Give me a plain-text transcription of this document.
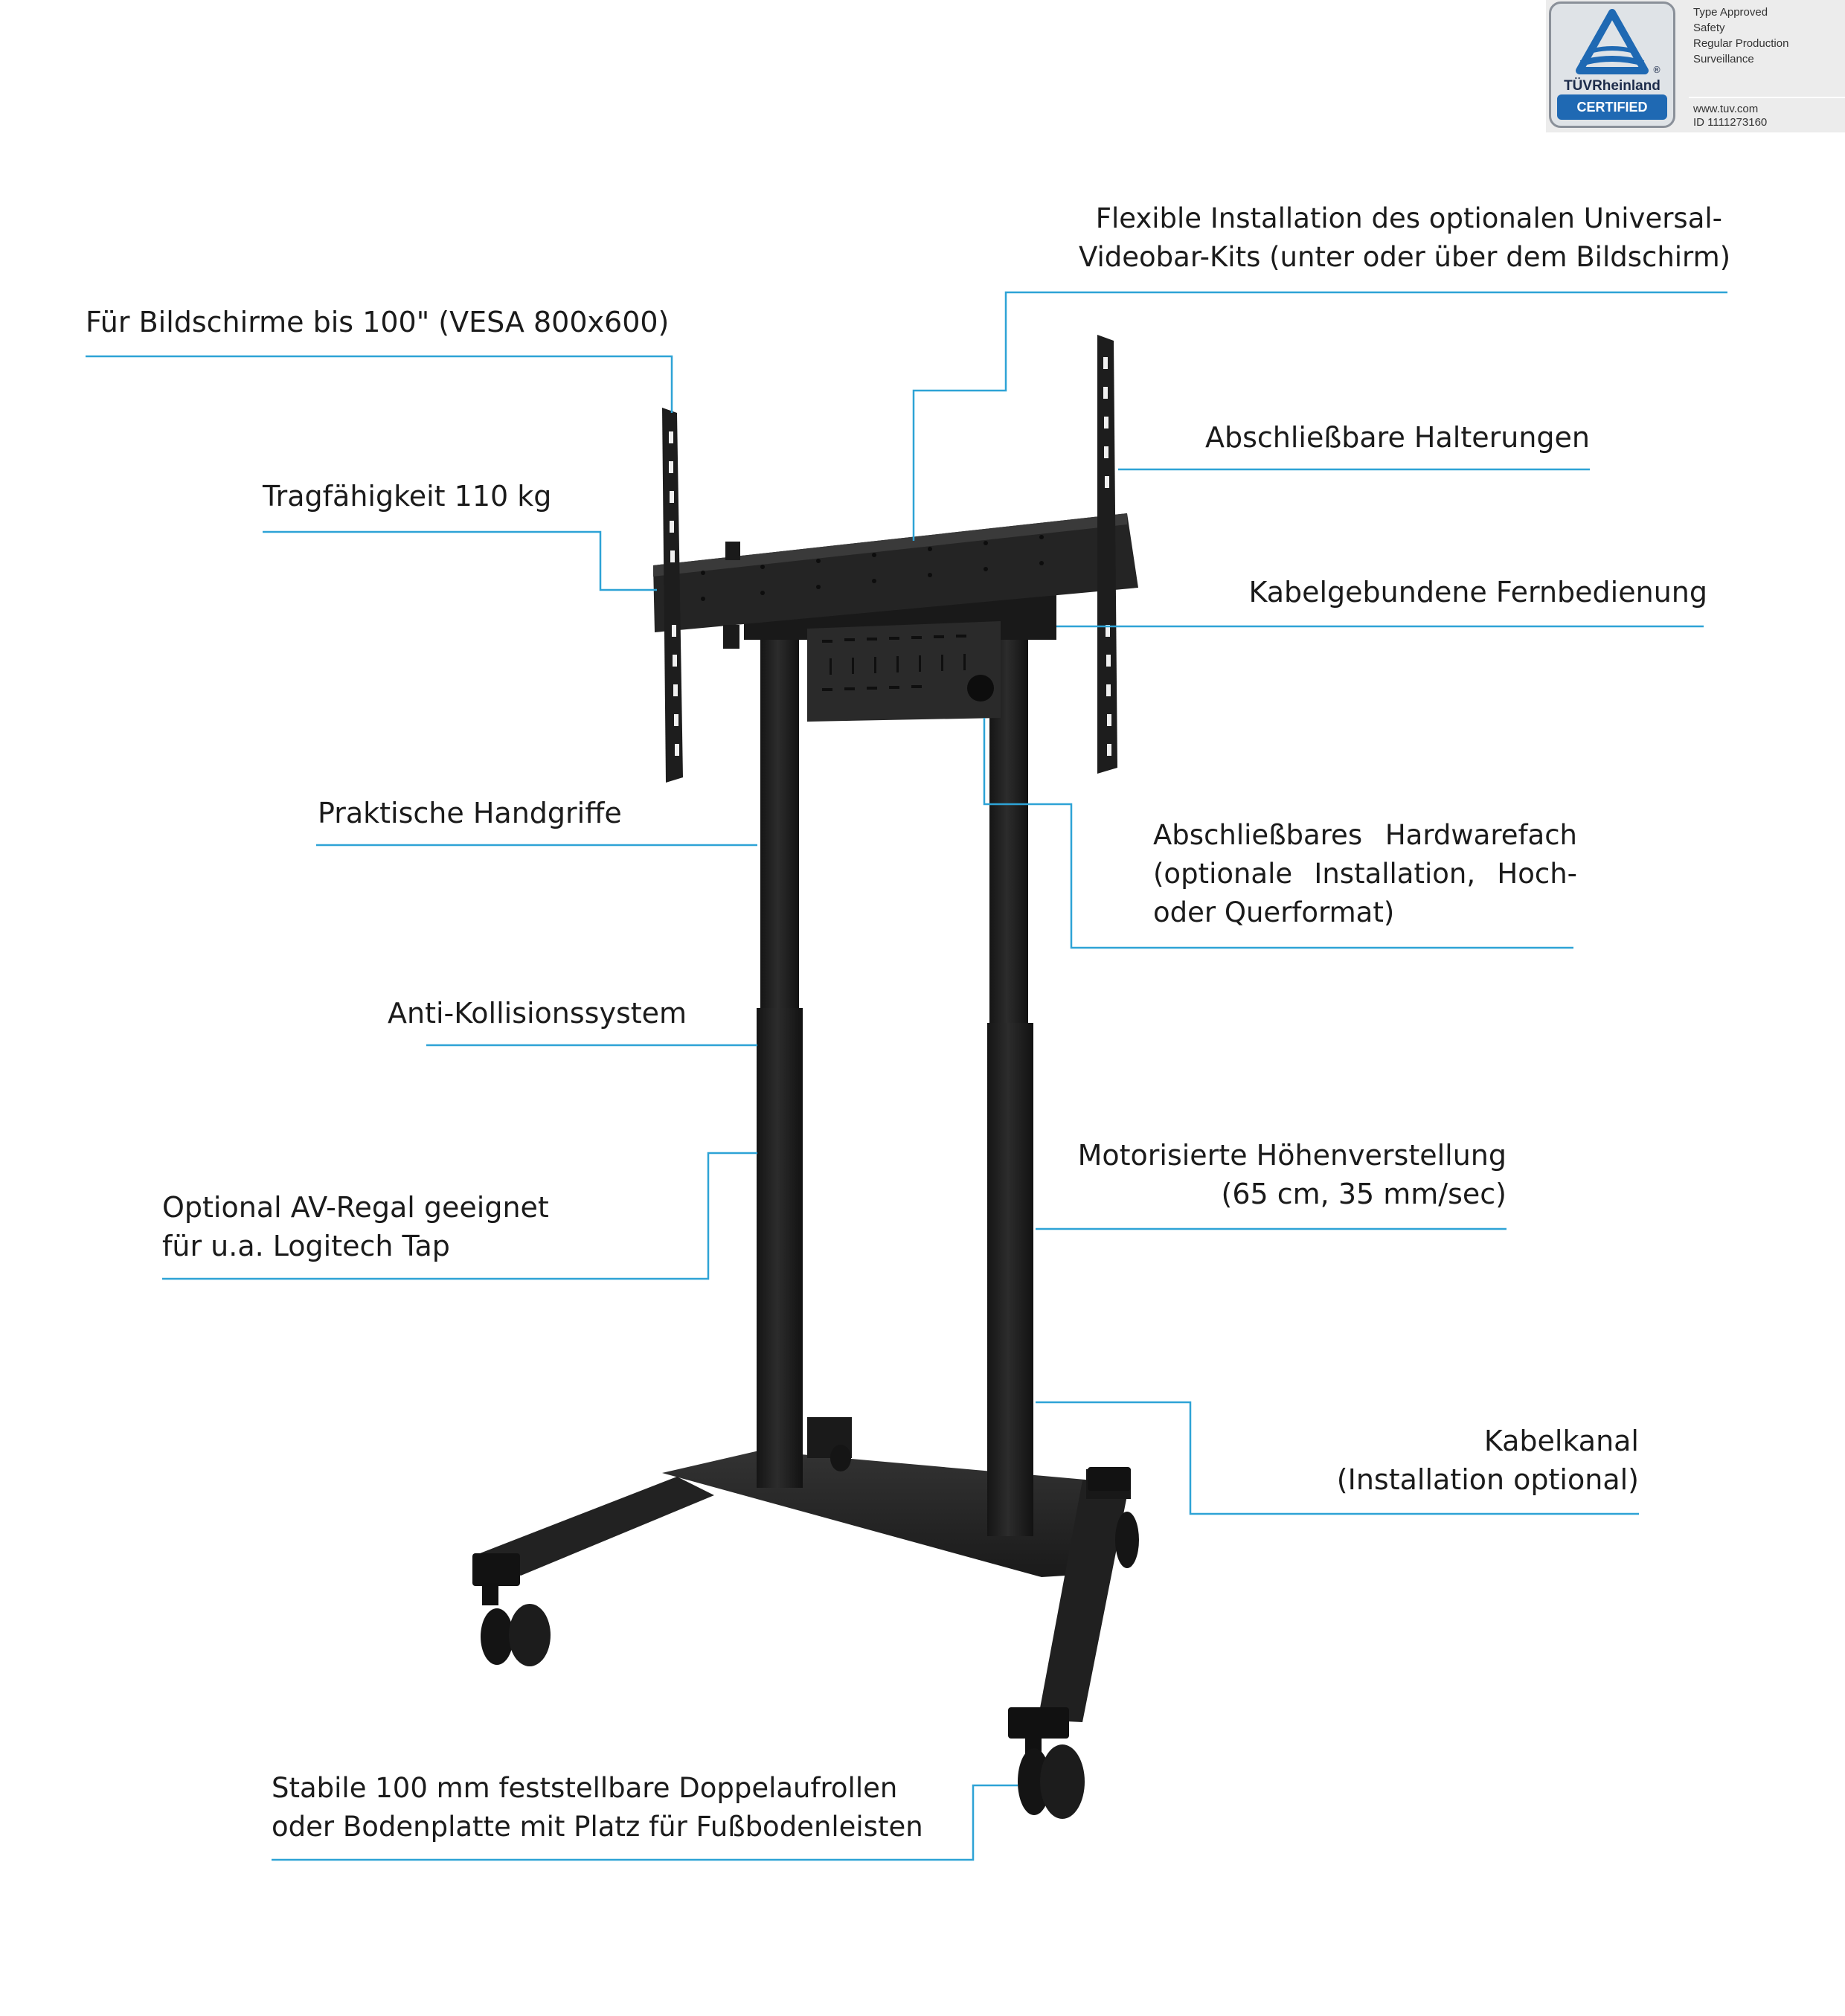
Flexible Installation des optionalen Universal-
Videobar-Kits (unter oder über dem Bildschirm)
Für Bildschirme bis 100" (VESA 800x600)
Abschließbare Halterungen
Tragfähigkeit 110 kg
Kabelgebundene Fernbedienung
Praktische Handgriffe
Abschließbares Hardwarefach
(optionale Installation, Hoch-
oder Querformat)
Anti-Kollisionssystem
Motorisierte Höhenverstellung
(65 cm, 35 mm/sec)
Optional AV-Regal geeignet
für u.a. Logitech Tap
Kabelkanal
(Installation optional)
Stabile 100 mm feststellbare Doppelaufrollen
oder Bodenplatte mit Platz für Fußbodenleisten
®
TÜVRheinland
CERTIFIED
Type Approved
Safety
Regular Production
Surveillance
www.tuv.com
ID 1111273160
